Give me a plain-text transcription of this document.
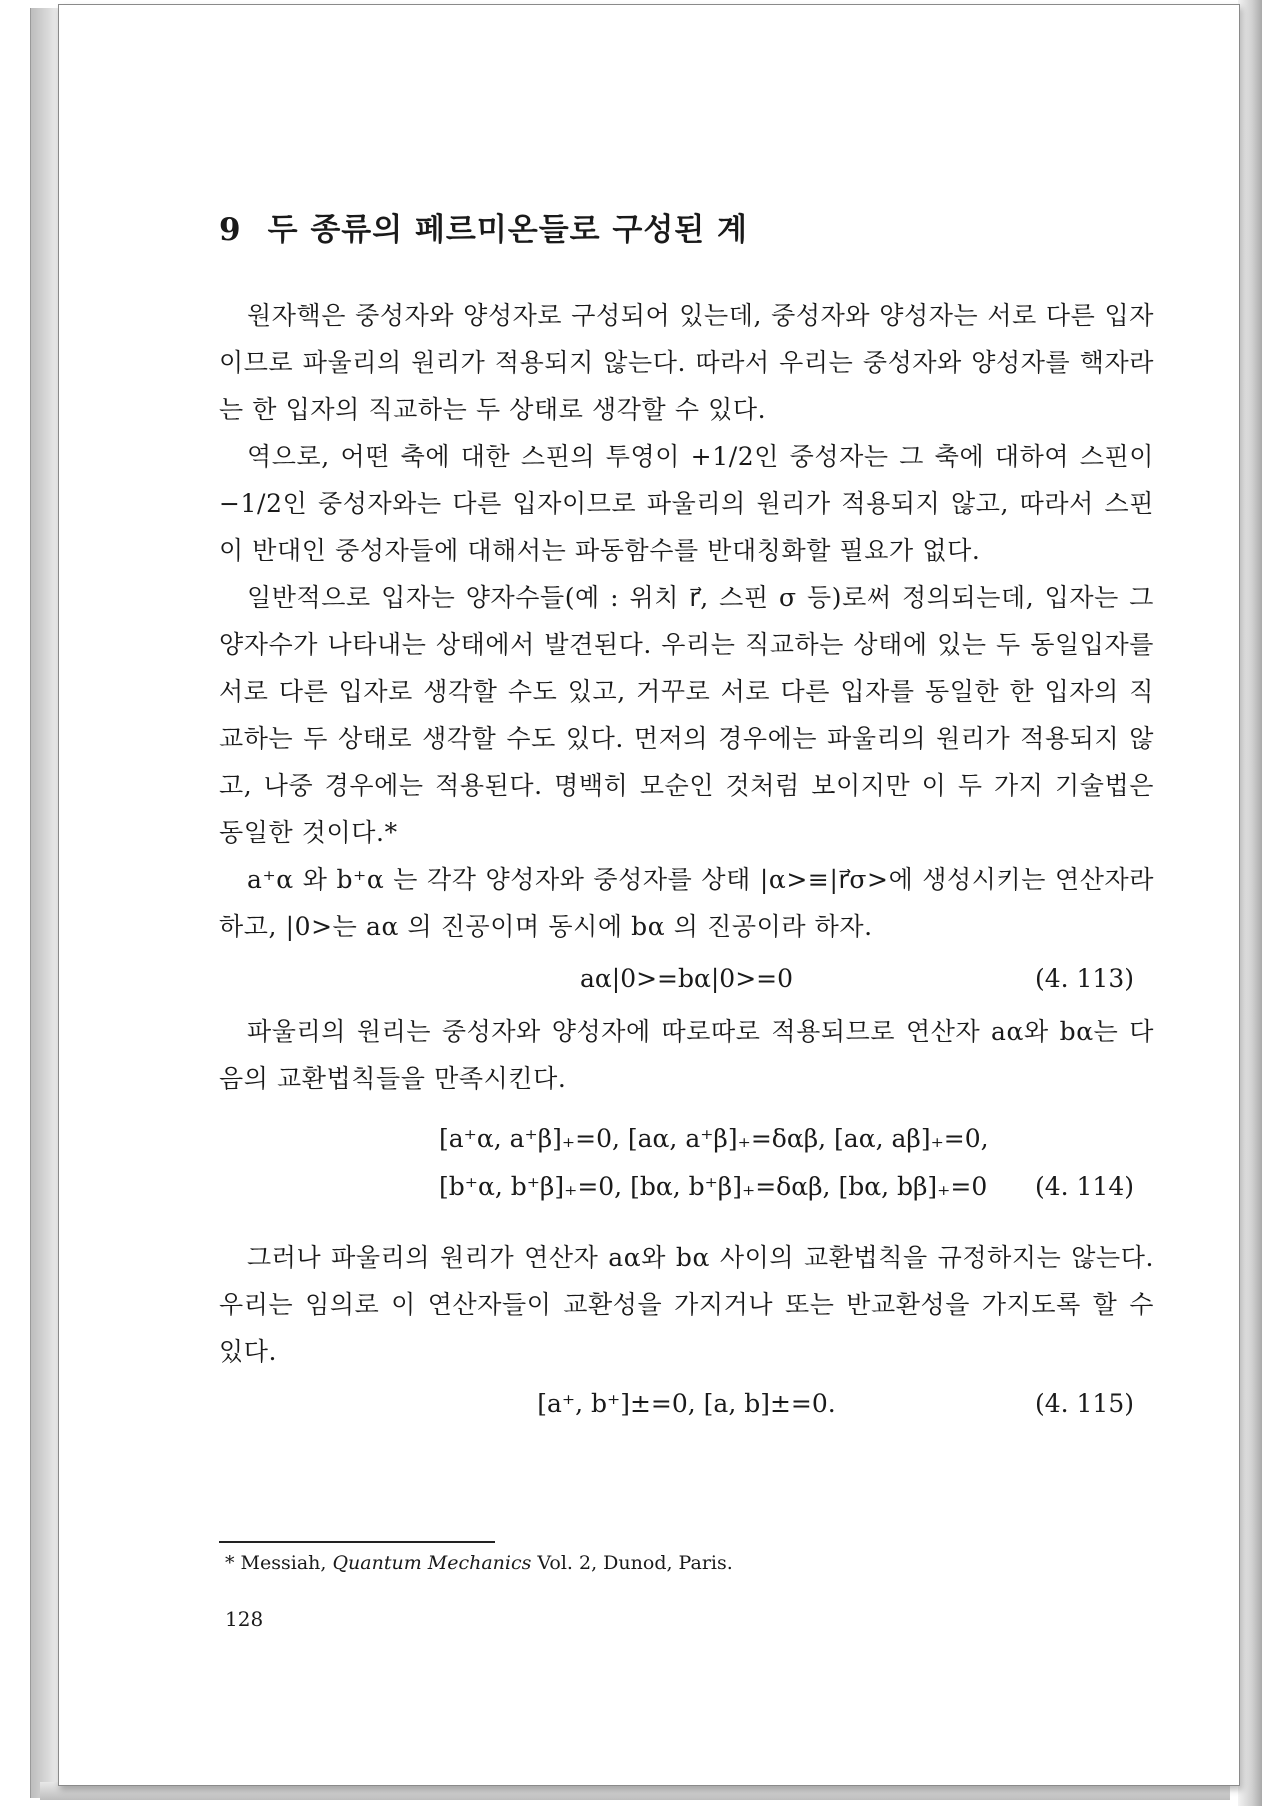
9 두 종류의 페르미온들로 구성된 계

원자핵은 중성자와 양성자로 구성되어 있는데, 중성자와 양성자는 서로 다른 입자이므로 파울리의 원리가 적용되지 않는다. 따라서 우리는 중성자와 양성자를 핵자라는 한 입자의 직교하는 두 상태로 생각할 수 있다.

역으로, 어떤 축에 대한 스핀의 투영이 +1/2인 중성자는 그 축에 대하여 스핀이 −1/2인 중성자와는 다른 입자이므로 파울리의 원리가 적용되지 않고, 따라서 스핀이 반대인 중성자들에 대해서는 파동함수를 반대칭화할 필요가 없다.

일반적으로 입자는 양자수들(예 : 위치 r⃗, 스핀 σ 등)로써 정의되는데, 입자는 그 양자수가 나타내는 상태에서 발견된다. 우리는 직교하는 상태에 있는 두 동일입자를 서로 다른 입자로 생각할 수도 있고, 거꾸로 서로 다른 입자를 동일한 한 입자의 직교하는 두 상태로 생각할 수도 있다. 먼저의 경우에는 파울리의 원리가 적용되지 않고, 나중 경우에는 적용된다. 명백히 모순인 것처럼 보이지만 이 두 가지 기술법은 동일한 것이다.*

a⁺α 와 b⁺α 는 각각 양성자와 중성자를 상태 |α>≡|r⃗σ>에 생성시키는 연산자라 하고, |0>는 aα 의 진공이며 동시에 bα 의 진공이라 하자.

aα|0>=bα|0>=0	(4. 113)

파울리의 원리는 중성자와 양성자에 따로따로 적용되므로 연산자 aα와 bα는 다음의 교환법칙들을 만족시킨다.

[a⁺α, a⁺β]₊=0, [aα, a⁺β]₊=δαβ, [aα, aβ]₊=0,
[b⁺α, b⁺β]₊=0, [bα, b⁺β]₊=δαβ, [bα, bβ]₊=0 (4. 114)

그러나 파울리의 원리가 연산자 aα와 bα 사이의 교환법칙을 규정하지는 않는다. 우리는 임의로 이 연산자들이 교환성을 가지거나 또는 반교환성을 가지도록 할 수 있다.

[a⁺, b⁺]±=0, [a, b]±=0.	(4. 115)
* Messiah, Quantum Mechanics Vol. 2, Dunod, Paris.
128
